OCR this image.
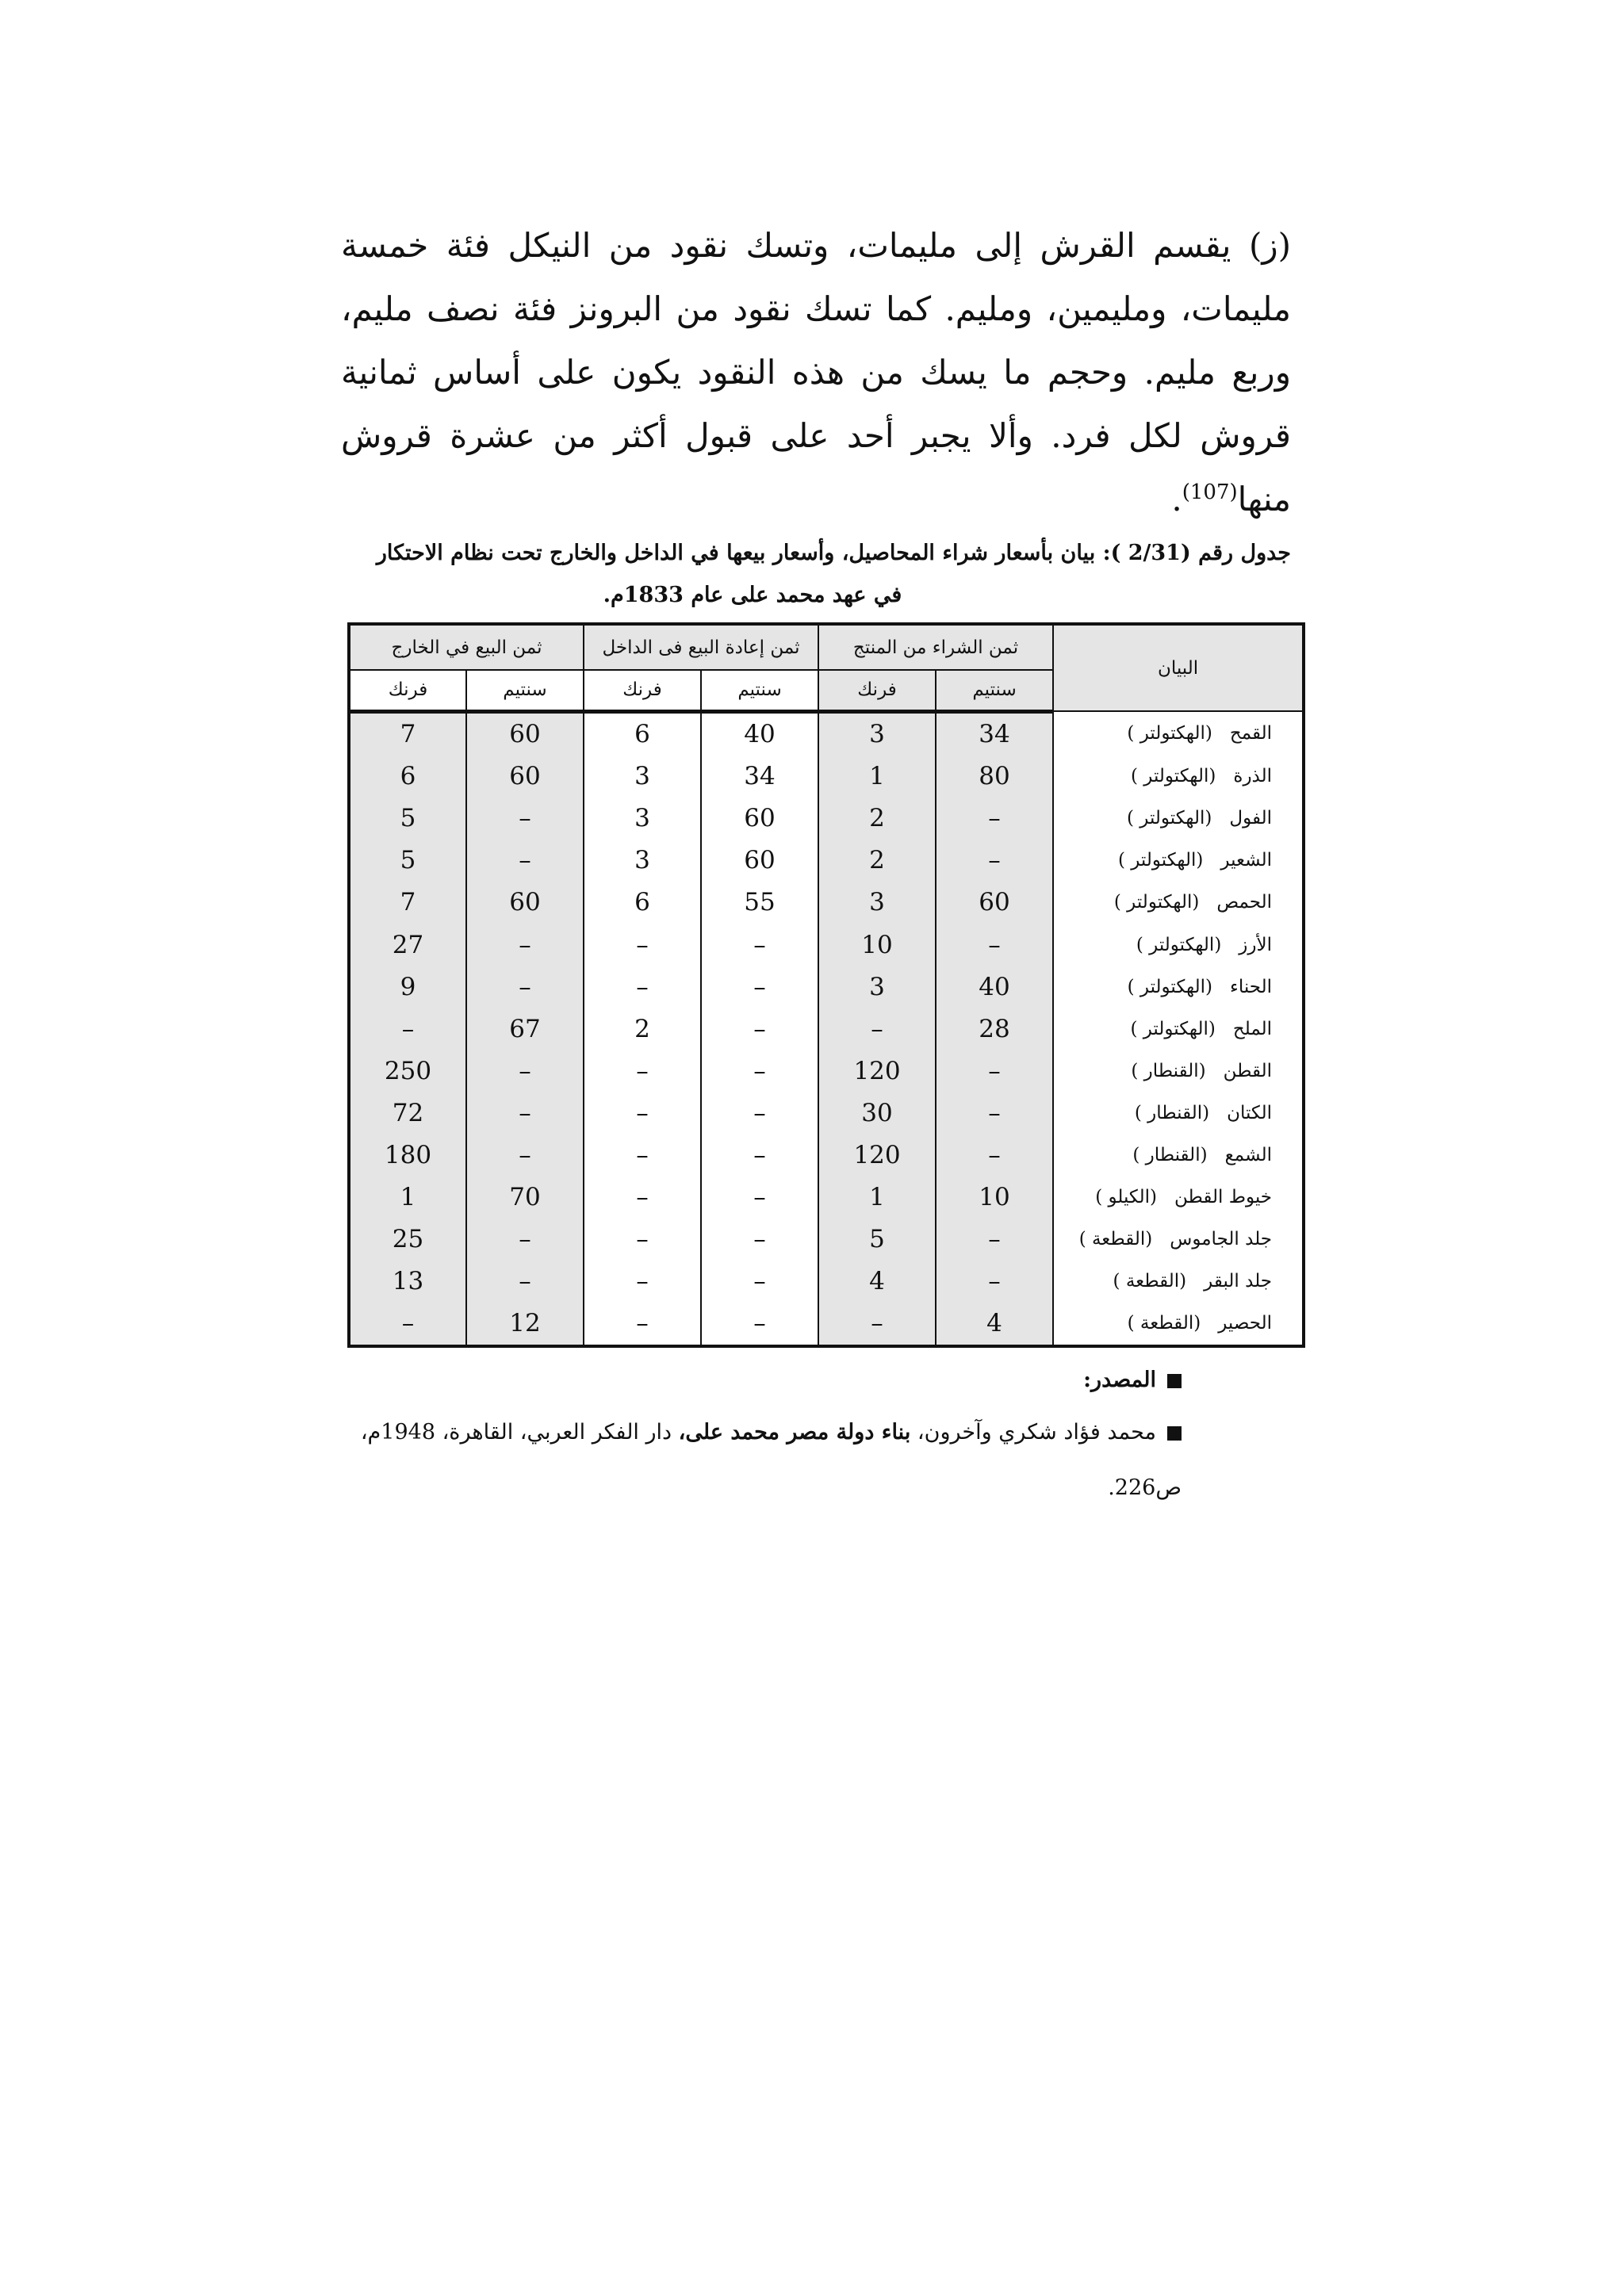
(ز) يقسم القرش إلى مليمات، وتسك نقود من النيكل فئة خمسة مليمات، ومليمين، ومليم. كما تسك نقود من البرونز فئة نصف مليم، وربع مليم. وحجم ما يسك من هذه النقود يكون على أساس ثمانية قروش لكل فرد. وألا يجبر أحد على قبول أكثر من عشرة قروش منها$^{(107)}$.
جدول رقم (2/31 ): بيان بأسعار شراء المحاصيل، وأسعار بيعها في الداخل والخارج تحت نظام الاحتكار
في عهد محمد على عام 1833م.
البيان	ثمن الشراء من المنتج		ثمن إعادة البيع فى الداخل		ثمن البيع في الخارج	
	سنتيم	فرنك	سنتيم	فرنك	سنتيم	فرنك
القمح(الهكتولتر )	34	3	40	6	60	7
الذرة(الهكتولتر )	80	1	34	3	60	6
الفول(الهكتولتر )	–	2	60	3	–	5
الشعير(الهكتولتر )	–	2	60	3	–	5
الحمص(الهكتولتر )	60	3	55	6	60	7
الأرز(الهكتولتر )	–	10	–	–	–	27
الحناء(الهكتولتر )	40	3	–	–	–	9
الملح(الهكتولتر )	28	–	–	2	67	–
القطن(القنطار )	–	120	–	–	–	250
الكتان(القنطار )	–	30	–	–	–	72
الشمع(القنطار )	–	120	–	–	–	180
خيوط القطن(الكيلو )	10	1	–	–	70	1
جلد الجاموس(القطعة )	–	5	–	–	–	25
جلد البقر(القطعة )	–	4	–	–	–	13
الحصير(القطعة )	4	–	–	–	12	–
المصدر:
محمد فؤاد شكري وآخرون، بناء دولة مصر محمد على، دار الفكر العربي، القاهرة، 1948م، ص226.
